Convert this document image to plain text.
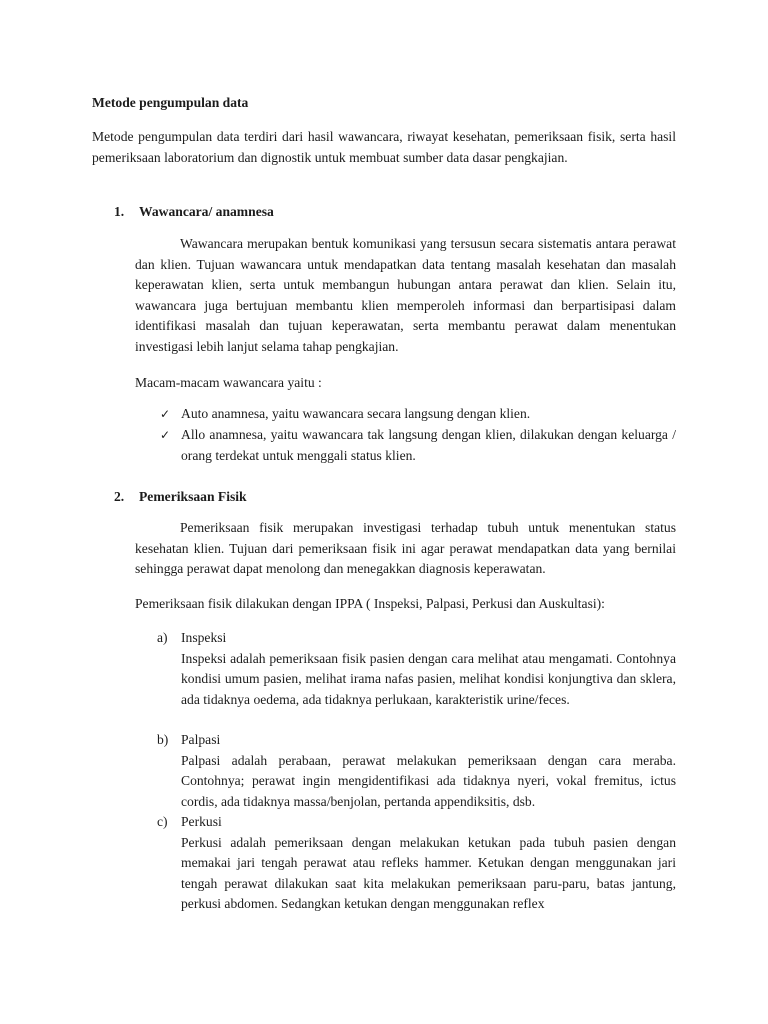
Metode pengumpulan data

Metode pengumpulan data terdiri dari hasil wawancara, riwayat kesehatan, pemeriksaan fisik, serta hasil pemeriksaan laboratorium dan dignostik untuk membuat sumber data dasar pengkajian.

1. Wawancara/ anamnesa

Wawancara merupakan bentuk komunikasi yang tersusun secara sistematis antara perawat dan klien. Tujuan wawancara untuk mendapatkan data tentang masalah kesehatan dan masalah keperawatan klien, serta untuk membangun hubungan antara perawat dan klien. Selain itu, wawancara juga bertujuan membantu klien memperoleh informasi dan berpartisipasi dalam identifikasi masalah dan tujuan keperawatan, serta membantu perawat dalam menentukan investigasi lebih lanjut selama tahap pengkajian.

Macam-macam wawancara yaitu :

✓ Auto anamnesa, yaitu wawancara secara langsung dengan klien.

✓ Allo anamnesa, yaitu wawancara tak langsung dengan klien, dilakukan dengan keluarga / orang terdekat untuk menggali status klien.

2. Pemeriksaan Fisik

Pemeriksaan fisik merupakan investigasi terhadap tubuh untuk menentukan status kesehatan klien. Tujuan dari pemeriksaan fisik ini agar perawat mendapatkan data yang bernilai sehingga perawat dapat menolong dan menegakkan diagnosis keperawatan.

Pemeriksaan fisik dilakukan dengan IPPA ( Inspeksi, Palpasi, Perkusi dan Auskultasi):

a) Inspeksi
Inspeksi adalah pemeriksaan fisik pasien dengan cara melihat atau mengamati. Contohnya kondisi umum pasien, melihat irama nafas pasien, melihat kondisi konjungtiva dan sklera, ada tidaknya oedema, ada tidaknya perlukaan, karakteristik urine/feces.
b) Palpasi
Palpasi adalah perabaan, perawat melakukan pemeriksaan dengan cara meraba. Contohnya; perawat ingin mengidentifikasi ada tidaknya nyeri, vokal fremitus, ictus cordis, ada tidaknya massa/benjolan, pertanda appendiksitis, dsb.
c) Perkusi
Perkusi adalah pemeriksaan dengan melakukan ketukan pada tubuh pasien dengan memakai jari tengah perawat atau refleks hammer. Ketukan dengan menggunakan jari tengah perawat dilakukan saat kita melakukan pemeriksaan paru-paru, batas jantung, perkusi abdomen. Sedangkan ketukan dengan menggunakan reflex
